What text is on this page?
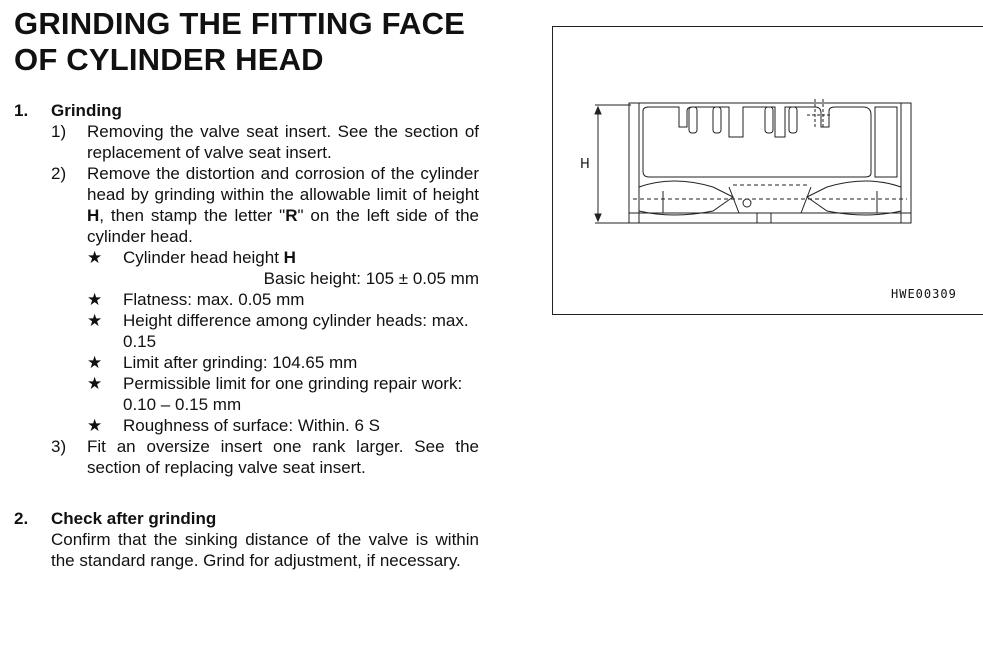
GRINDING THE FITTING FACE
OF CYLINDER HEAD
1.	Grinding
1)	Removing the valve seat insert. See the section of replacement of valve seat insert.
2)	Remove the distortion and corrosion of the cylinder head by grinding within the allowable limit of height H, then stamp the letter "R" on the left side of the cylinder head.
★	Cylinder head height H
Basic height: 105 ± 0.05 mm
★	Flatness: max. 0.05 mm
★	Height difference among cylinder heads: max. 0.15
★	Limit after grinding: 104.65 mm
★	Permissible limit for one grinding repair work: 0.10 – 0.15 mm
★	Roughness of surface: Within. 6 S
3)	Fit an oversize insert one rank larger. See the section of replacing valve seat insert.
2.	Check after grinding
Confirm that the sinking distance of the valve is within the standard range. Grind for adjustment, if necessary.
H
HWE00309
